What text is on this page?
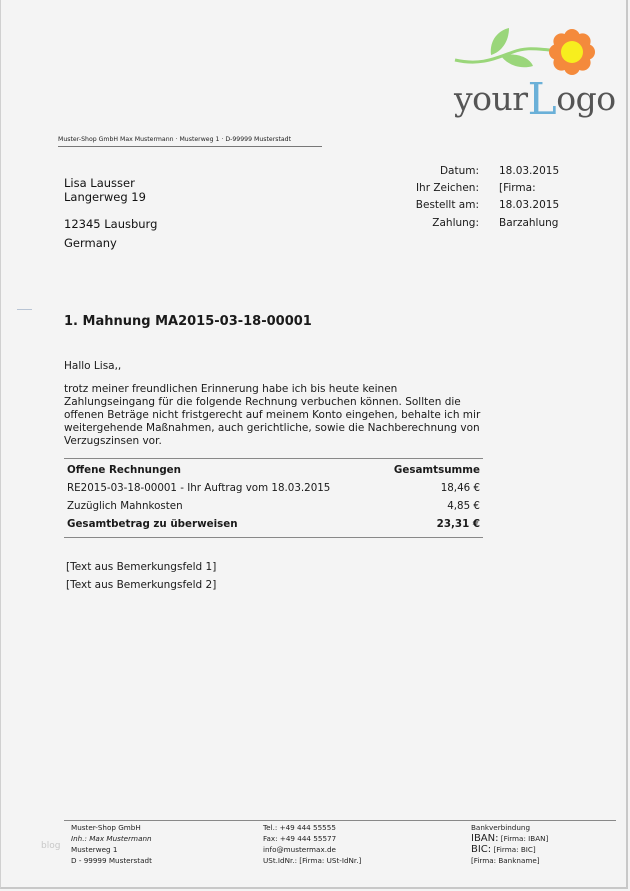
yourLogo
Muster-Shop GmbH Max Mustermann · Musterweg 1 · D-99999 Musterstadt
Lisa Lausser
Langerweg 19
12345 Lausburg
Germany
Datum: 18.03.2015
Ihr Zeichen: [Firma:
Bestellt am: 18.03.2015
Zahlung: Barzahlung
1. Mahnung MA2015-03-18-00001
Hallo Lisa,,
trotz meiner freundlichen Erinnerung habe ich bis heute keinen Zahlungseingang für die folgende Rechnung verbuchen können. Sollten die offenen Beträge nicht fristgerecht auf meinem Konto eingehen, behalte ich mir weitergehende Maßnahmen, auch gerichtliche, sowie die Nachberechnung von Verzugszinsen vor.
Offene Rechnungen	Gesamtsumme
RE2015-03-18-00001 - Ihr Auftrag vom 18.03.2015	18,46 €
Zuzüglich Mahnkosten	4,85 €
Gesamtbetrag zu überweisen	23,31 €
[Text aus Bemerkungsfeld 1]
[Text aus Bemerkungsfeld 2]
blog
Muster-Shop GmbH
Inh.: Max Mustermann
Musterweg 1
D - 99999 Musterstadt
Tel.: +49 444 55555
Fax: +49 444 55577
info@mustermax.de
USt.IdNr.: [Firma: USt-IdNr.]
Bankverbindung
IBAN: [Firma: IBAN]
BIC: [Firma: BIC]
[Firma: Bankname]
